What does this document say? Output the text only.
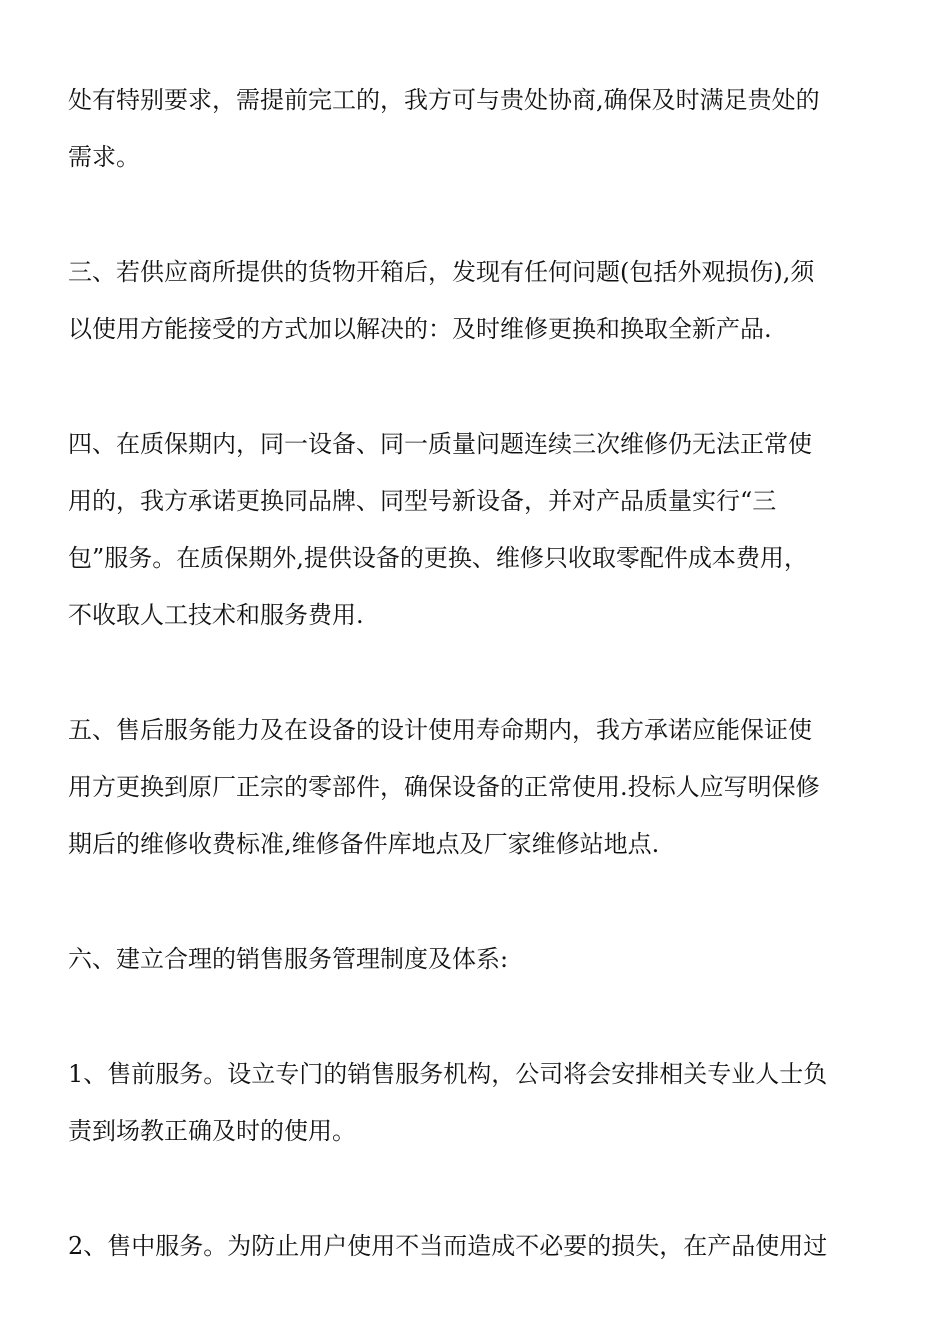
处有特别要求，需提前完工的，我方可与贵处协商,确保及时满足贵处的
需求。

三、若供应商所提供的货物开箱后，发现有任何问题(包括外观损伤),须
以使用方能接受的方式加以解决的：及时维修更换和换取全新产品.

四、在质保期内，同一设备、同一质量问题连续三次维修仍无法正常使
用的，我方承诺更换同品牌、同型号新设备，并对产品质量实行“三
包”服务。在质保期外,提供设备的更换、维修只收取零配件成本费用，
不收取人工技术和服务费用.

五、售后服务能力及在设备的设计使用寿命期内，我方承诺应能保证使
用方更换到原厂正宗的零部件，确保设备的正常使用.投标人应写明保修
期后的维修收费标准,维修备件库地点及厂家维修站地点.

六、建立合理的销售服务管理制度及体系:

1、售前服务。设立专门的销售服务机构，公司将会安排相关专业人士负
责到场教正确及时的使用。

2、售中服务。为防止用户使用不当而造成不必要的损失，在产品使用过
